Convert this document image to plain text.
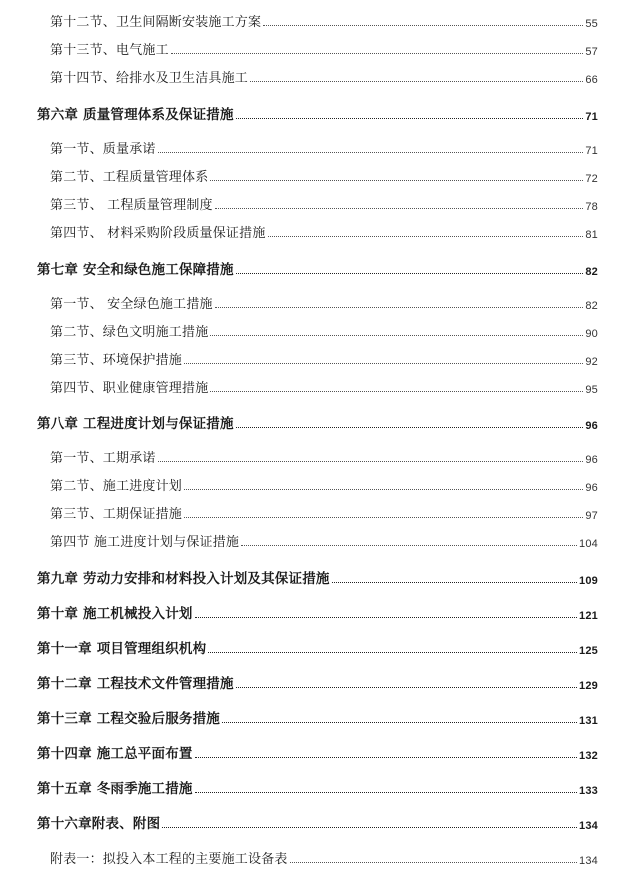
第十二节、卫生间隔断安装施工方案	55
第十三节、电气施工	57
第十四节、给排水及卫生洁具施工	66
第六章 质量管理体系及保证措施	71
第一节、质量承诺	71
第二节、工程质量管理体系	72
第三节、 工程质量管理制度	78
第四节、 材料采购阶段质量保证措施	81
第七章 安全和绿色施工保障措施	82
第一节、 安全绿色施工措施	82
第二节、绿色文明施工措施	90
第三节、环境保护措施	92
第四节、职业健康管理措施	95
第八章 工程进度计划与保证措施	96
第一节、工期承诺	96
第二节、施工进度计划	96
第三节、工期保证措施	97
第四节 施工进度计划与保证措施	104
第九章 劳动力安排和材料投入计划及其保证措施	109
第十章 施工机械投入计划	121
第十一章 项目管理组织机构	125
第十二章 工程技术文件管理措施	129
第十三章 工程交验后服务措施	131
第十四章 施工总平面布置	132
第十五章 冬雨季施工措施	133
第十六章附表、附图	134
附表一：拟投入本工程的主要施工设备表	134
